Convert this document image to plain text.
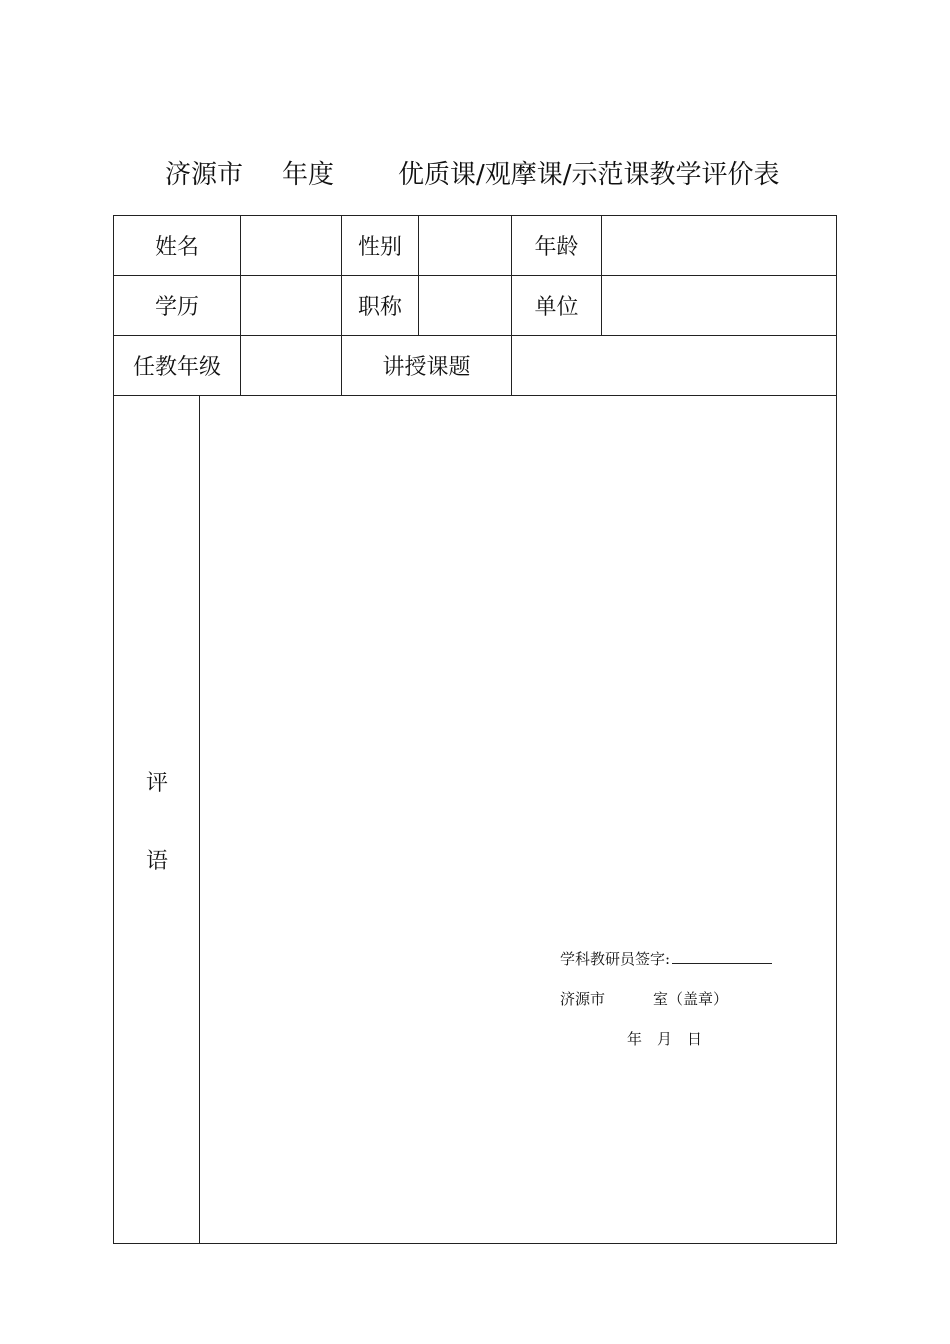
济源市 年度 优质课/观摩课/示范课教学评价表
姓名	性别	年龄
学历	职称	单位
任教年级	讲授课题
评
语
学科教研员签字:
济源市	室（盖章）
年 月 日
